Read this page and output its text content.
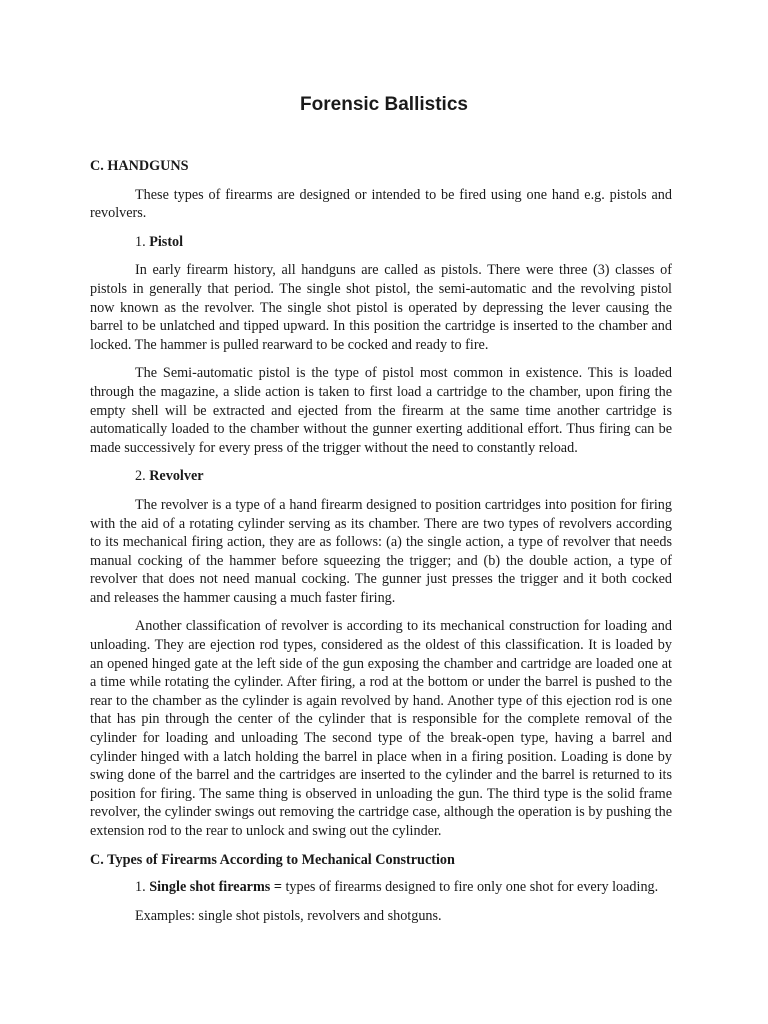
Forensic Ballistics

C. HANDGUNS

These types of firearms are designed or intended to be fired using one hand e.g. pistols and revolvers.

1. Pistol

In early firearm history, all handguns are called as pistols. There were three (3) classes of pistols in generally that period. The single shot pistol, the semi-automatic and the revolving pistol now known as the revolver. The single shot pistol is operated by depressing the lever causing the barrel to be unlatched and tipped upward. In this position the cartridge is inserted to the chamber and locked. The hammer is pulled rearward to be cocked and ready to fire.

The Semi-automatic pistol is the type of pistol most common in existence. This is loaded through the magazine, a slide action is taken to first load a cartridge to the chamber, upon firing the empty shell will be extracted and ejected from the firearm at the same time another cartridge is automatically loaded to the chamber without the gunner exerting additional effort. Thus firing can be made successively for every press of the trigger without the need to constantly reload.

2. Revolver

The revolver is a type of a hand firearm designed to position cartridges into position for firing with the aid of a rotating cylinder serving as its chamber. There are two types of revolvers according to its mechanical firing action, they are as follows: (a) the single action, a type of revolver that needs manual cocking of the hammer before squeezing the trigger; and (b) the double action, a type of revolver that does not need manual cocking. The gunner just presses the trigger and it both cocked and releases the hammer causing a much faster firing.

Another classification of revolver is according to its mechanical construction for loading and unloading. They are ejection rod types, considered as the oldest of this classification. It is loaded by an opened hinged gate at the left side of the gun exposing the chamber and cartridge are loaded one at a time while rotating the cylinder. After firing, a rod at the bottom or under the barrel is pushed to the rear to the chamber as the cylinder is again revolved by hand. Another type of this ejection rod is one that has pin through the center of the cylinder that is responsible for the complete removal of the cylinder for loading and unloading The second type of the break-open type, having a barrel and cylinder hinged with a latch holding the barrel in place when in a firing position. Loading is done by swing done of the barrel and the cartridges are inserted to the cylinder and the barrel is returned to its position for firing. The same thing is observed in unloading the gun. The third type is the solid frame revolver, the cylinder swings out removing the cartridge case, although the operation is by pushing the extension rod to the rear to unlock and swing out the cylinder.

C. Types of Firearms According to Mechanical Construction

1. Single shot firearms = types of firearms designed to fire only one shot for every loading.

Examples: single shot pistols, revolvers and shotguns.
